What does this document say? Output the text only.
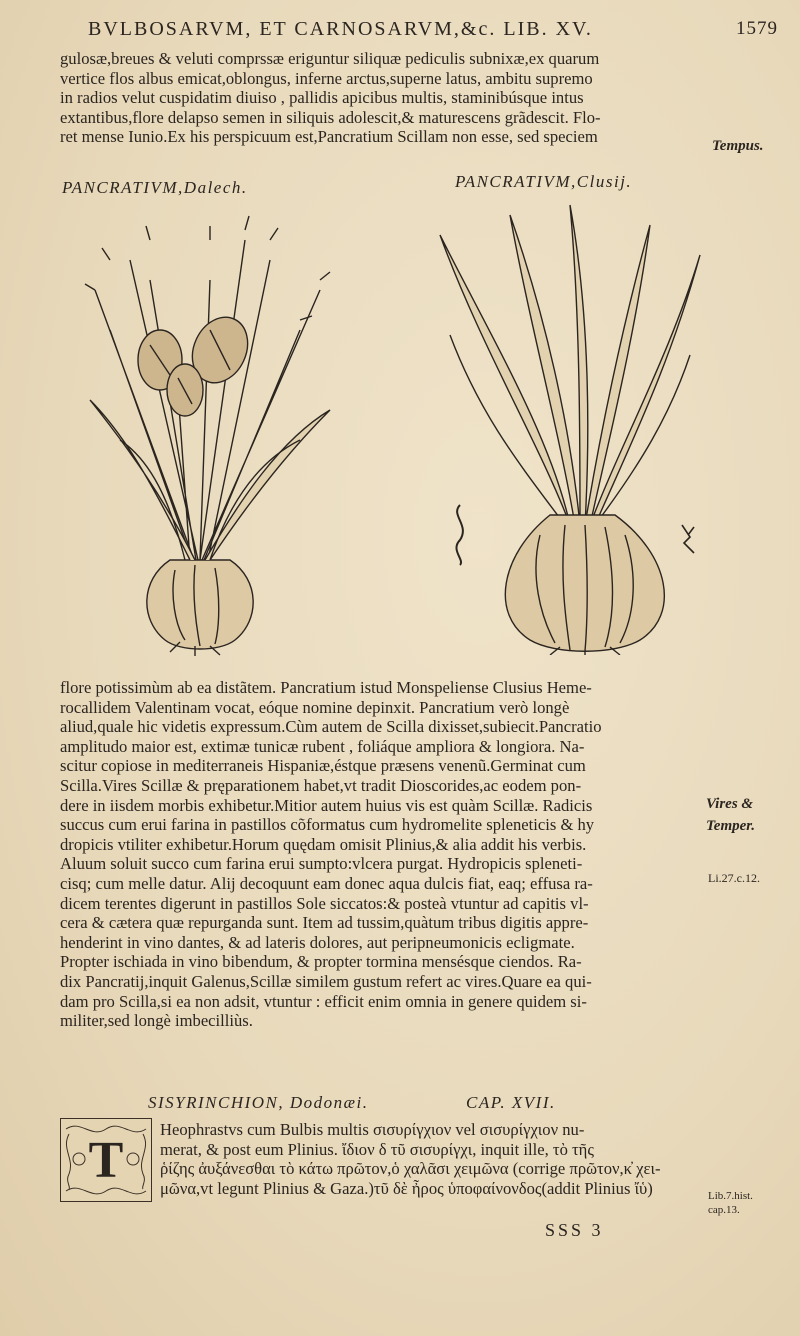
BVLBOSARVM, ET CARNOSARVM,&c. LIB. XV.	1579
gulosæ,breues & veluti comprssæ eriguntur siliquæ pediculis subnixæ,ex quarum
vertice flos albus emicat,oblongus, inferne arctus,superne latus, ambitu supremo
in radios velut cuspidatim diuiso , pallidis apicibus multis, staminibúsque intus
extantibus,flore delapso semen in siliquis adolescit,& maturescens grãdescit. Flo-
ret mense Iunio.Ex his perspicuum est,Pancratium Scillam non esse, sed speciem	Tempus.
PANCRATIVM,Dalech.	PANCRATIVM,Clusij.
flore potissimùm ab ea distãtem. Pancratium istud Monspeliense Clusius Heme-
rocallidem Valentinam vocat, eóque nomine depinxit. Pancratium verò longè
aliud,quale hic videtis expressum.Cùm autem de Scilla dixisset,subiecit.Pancratio
amplitudo maior est, extimæ tunicæ rubent , foliáque ampliora & longiora. Na-
scitur copiose in mediterraneis Hispaniæ,éstque præsens venenũ.Germinat cum
Scilla.Vires Scillæ & pręparationem habet,vt tradit Dioscorides,ac eodem pon-
dere in iisdem morbis exhibetur.Mitior autem huius vis est quàm Scillæ. Radicis
succus cum erui farina in pastillos cõformatus cum hydromelite spleneticis & hy
dropicis vtiliter exhibetur.Horum quędam omisit Plinius,& alia addit his verbis.
Aluum soluit succo cum farina erui sumpto:vlcera purgat. Hydropicis spleneti-
cisq; cum melle datur. Alij decoquunt eam donec aqua dulcis fiat, eaq; effusa ra-
dicem terentes digerunt in pastillos Sole siccatos:& posteà vtuntur ad capitis vl-
cera & cætera quæ repurganda sunt. Item ad tussim,quàtum tribus digitis appre-
henderint in vino dantes, & ad lateris dolores, aut peripneumonicis ecligmate.
Propter ischiada in vino bibendum, & propter tormina mensésque ciendos. Ra-
dix Pancratij,inquit Galenus,Scillæ similem gustum refert ac vires.Quare ea qui-
dam pro Scilla,si ea non adsit, vtuntur : efficit enim omnia in genere quidem si-
militer,sed longè imbecilliùs.
Vires &
Temper.
Li.27.c.12.
SISYRINCHION, Dodonæi.	CAP. XVII.
T
Heophrastvs cum Bulbis multis σισυρίγχιον vel σισυρίγχιον nu-
merat, & post eum Plinius. ἴδιον δ τῦ σισυρίγχι, inquit ille, τὸ τῆς
ῥίζης ἀυξάνεσθαι τὸ κάτω πρῶτον,ὁ χαλᾶσι χειμῶνα (corrige πρῶτον,κ̓ χει-
μῶνα,vt legunt Plinius & Gaza.)τῦ δὲ ἦρος ὑποφαίνονδος(addit Plinius ἴὑ)	Lib.7.hist.
cap.13.
SSS 3
